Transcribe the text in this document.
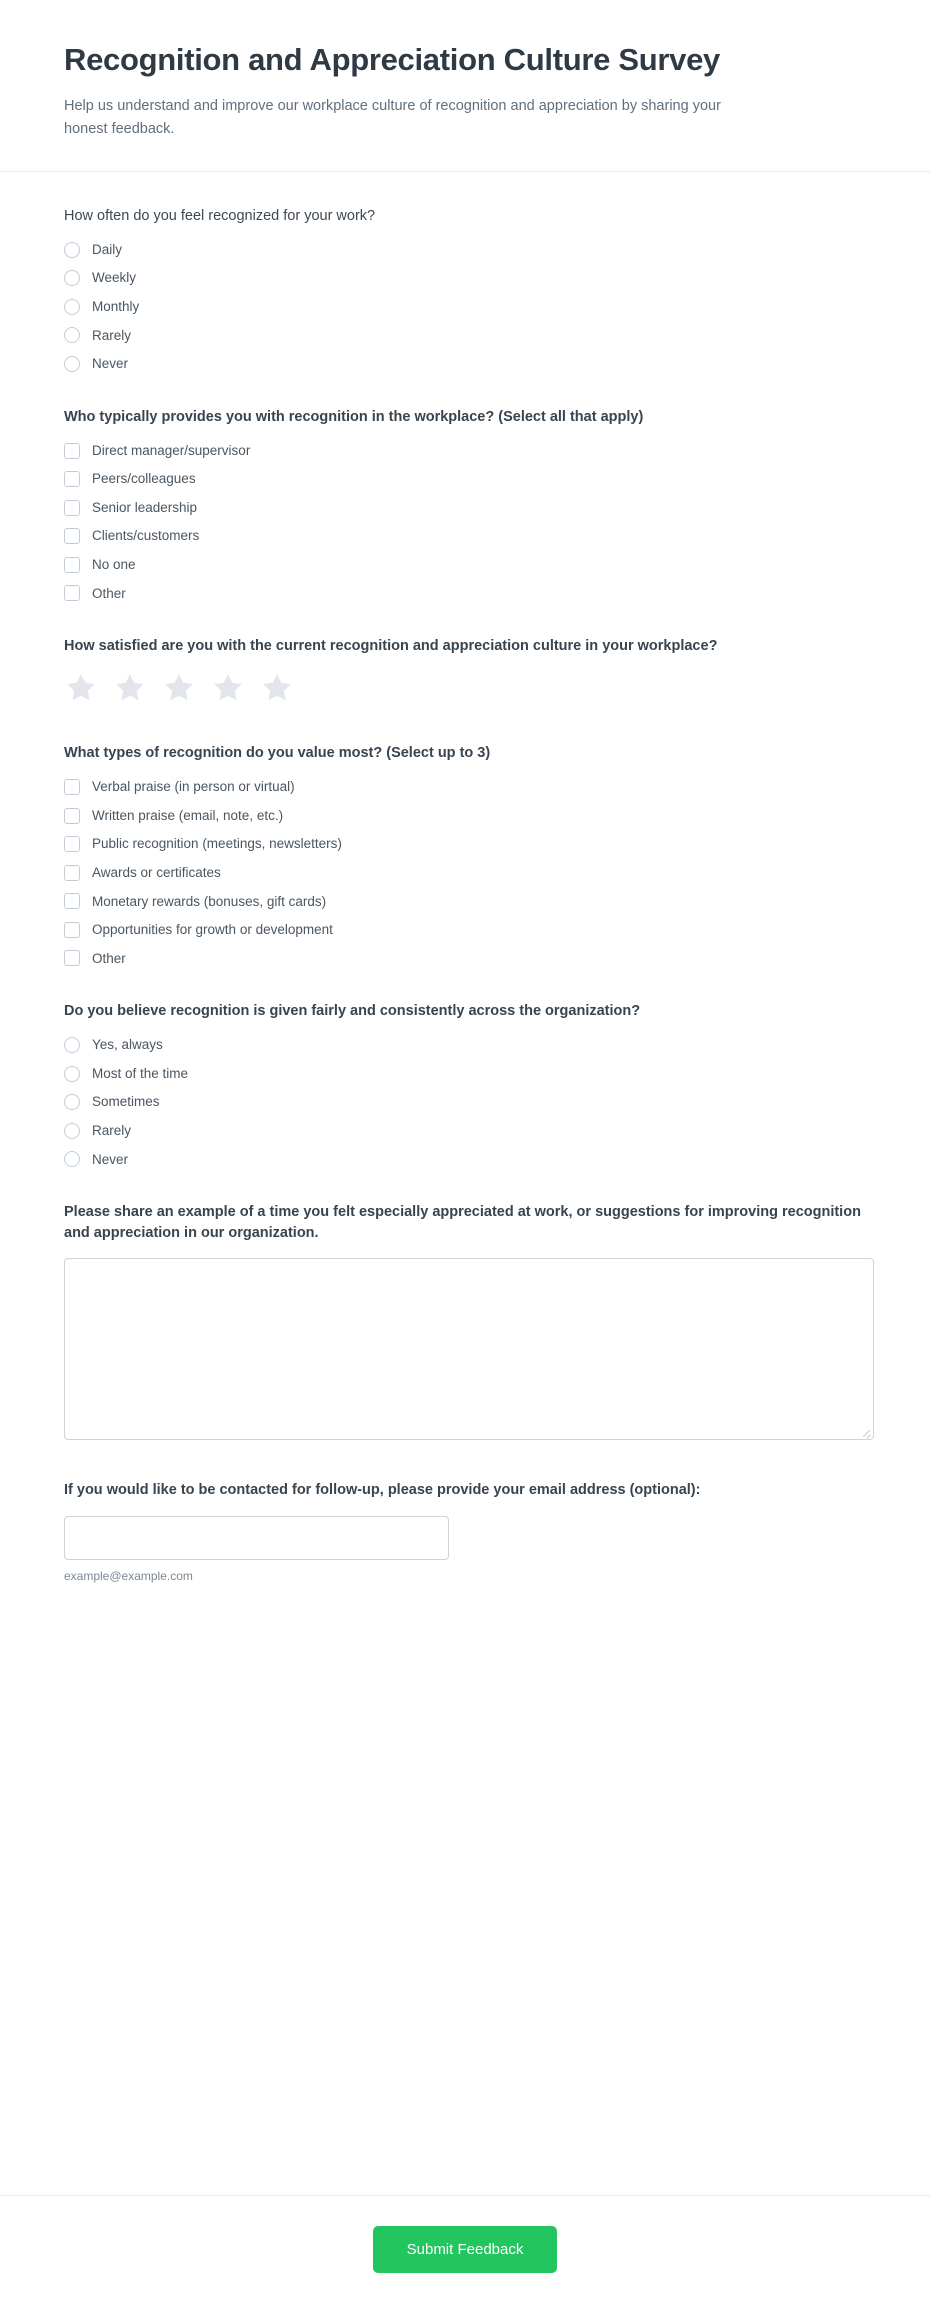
Recognition and Appreciation Culture Survey

Help us understand and improve our workplace culture of recognition and appreciation by sharing your honest feedback.

How often do you feel recognized for your work?
Daily
Weekly
Monthly
Rarely
Never
Who typically provides you with recognition in the workplace? (Select all that apply)
Direct manager/supervisor
Peers/colleagues
Senior leadership
Clients/customers
No one
Other
How satisfied are you with the current recognition and appreciation culture in your workplace?
What types of recognition do you value most? (Select up to 3)
Verbal praise (in person or virtual)
Written praise (email, note, etc.)
Public recognition (meetings, newsletters)
Awards or certificates
Monetary rewards (bonuses, gift cards)
Opportunities for growth or development
Other
Do you believe recognition is given fairly and consistently across the organization?
Yes, always
Most of the time
Sometimes
Rarely
Never
Please share an example of a time you felt especially appreciated at work, or suggestions for improving recognition and appreciation in our organization.
If you would like to be contacted for follow-up, please provide your email address (optional):
example@example.com
Submit Feedback
